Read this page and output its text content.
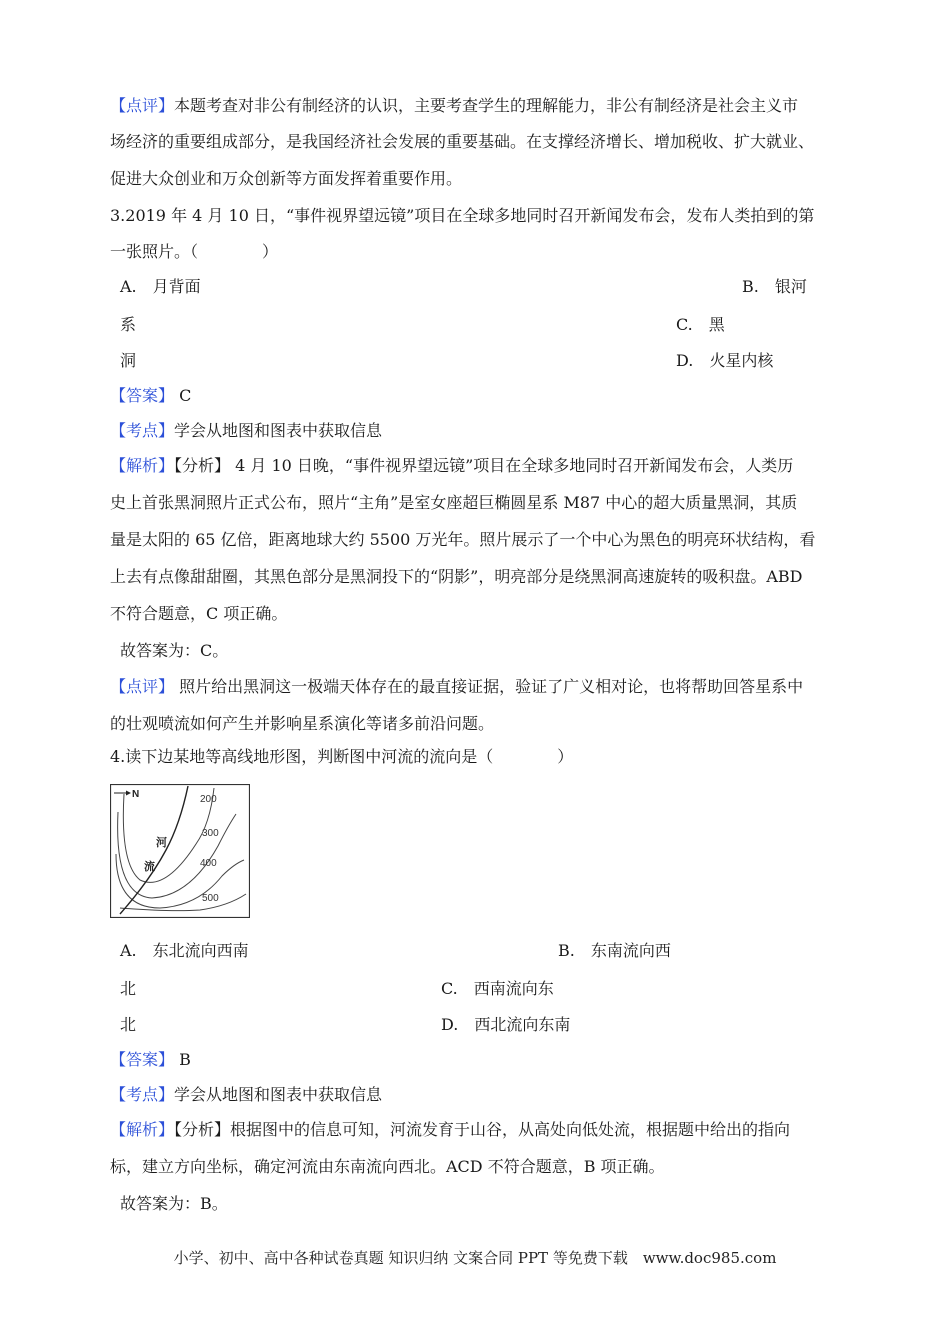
【点评】本题考查对非公有制经济的认识，主要考查学生的理解能力，非公有制经济是社会主义市
场经济的重要组成部分，是我国经济社会发展的重要基础。在支撑经济增长、增加税收、扩大就业、
促进大众创业和万众创新等方面发挥着重要作用。
3.2019 年 4 月 10 日，“事件视界望远镜”项目在全球多地同时召开新闻发布会，发布人类拍到的第
一张照片。（　　　　）
A.　月背面	B.　银河
系	C.　黑
洞	D.　火星内核
【答案】 C
【考点】学会从地图和图表中获取信息
【解析】【分析】 4 月 10 日晚，“事件视界望远镜”项目在全球多地同时召开新闻发布会，人类历
史上首张黑洞照片正式公布，照片“主角”是室女座超巨椭圆星系 M87 中心的超大质量黑洞，其质
量是太阳的 65 亿倍，距离地球大约 5500 万光年。照片展示了一个中心为黑色的明亮环状结构，看
上去有点像甜甜圈，其黑色部分是黑洞投下的“阴影”，明亮部分是绕黑洞高速旋转的吸积盘。ABD
不符合题意，C 项正确。
故答案为：C。
【点评】 照片给出黑洞这一极端天体存在的最直接证据，验证了广义相对论，也将帮助回答星系中
的壮观喷流如何产生并影响星系演化等诸多前沿问题。
4.读下边某地等高线地形图，判断图中河流的流向是（　　　　）
N	200
300
400
500
河
流
A.　东北流向西南	B.　东南流向西
北	C.　西南流向东
北	D.　西北流向东南
【答案】 B
【考点】学会从地图和图表中获取信息
【解析】【分析】根据图中的信息可知，河流发育于山谷，从高处向低处流，根据题中给出的指向
标，建立方向坐标，确定河流由东南流向西北。ACD 不符合题意，B 项正确。
故答案为：B。
小学、初中、高中各种试卷真题 知识归纳 文案合同 PPT 等免费下载　www.doc985.com
